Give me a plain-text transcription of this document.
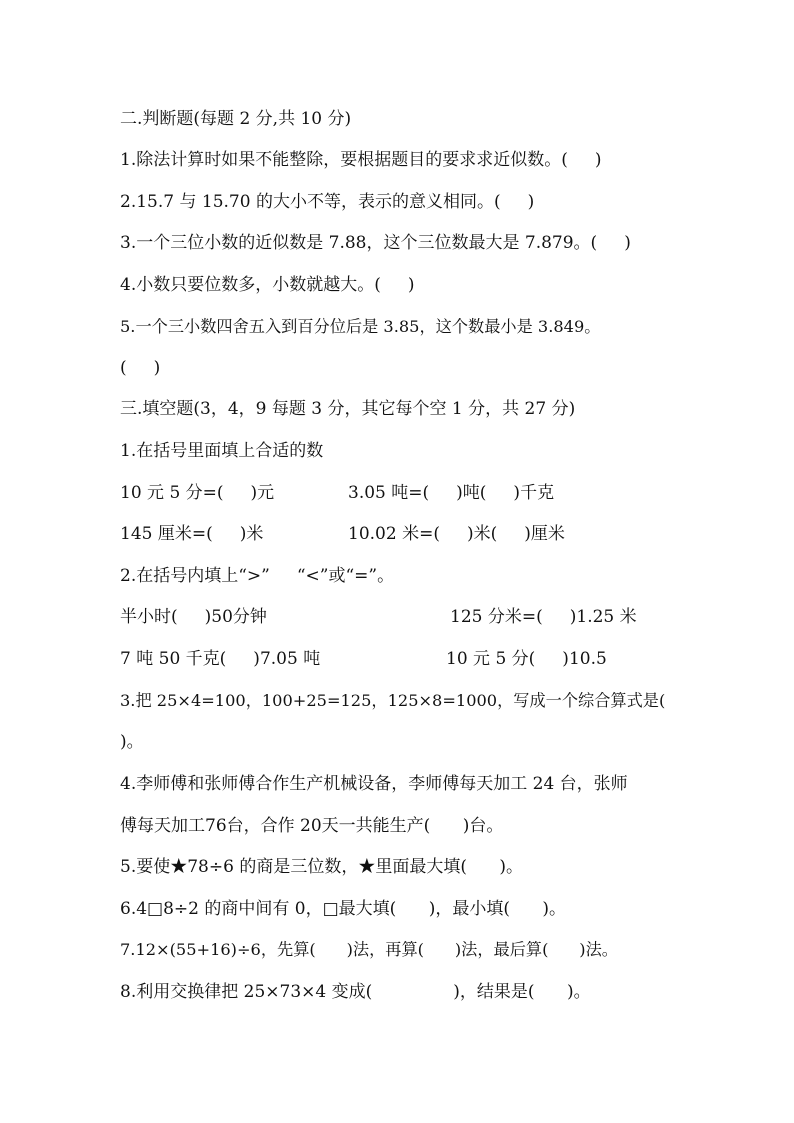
二.判断题(每题 2 分,共 10 分)
1.除法计算时如果不能整除，要根据题目的要求求近似数。(     )
2.15.7 与 15.70 的大小不等，表示的意义相同。(     )
3.一个三位小数的近似数是 7.88，这个三位数最大是 7.879。(     )
4.小数只要位数多，小数就越大。(     )
5.一个三小数四舍五入到百分位后是 3.85，这个数最小是 3.849。
(     )
三.填空题(3，4，9 每题 3 分，其它每个空 1 分，共 27 分)
1.在括号里面填上合适的数
10 元 5 分=(     )元	3.05 吨=(     )吨(     )千克
145 厘米=(     )米	10.02 米=(     )米(     )厘米
2.在括号内填上“>”     “<”或“=”。
半小时(     )50分钟	125 分米=(     )1.25 米
7 吨 50 千克(     )7.05 吨	10 元 5 分(     )10.5
3.把 25×4=100，100+25=125，125×8=1000，写成一个综合算式是(
)。
4.李师傅和张师傅合作生产机械设备，李师傅每天加工 24 台，张师
傅每天加工76台，合作 20天一共能生产(      )台。
5.要使★78÷6 的商是三位数，★里面最大填(      )。
6.4□8÷2 的商中间有 0，□最大填(      )，最小填(      )。
7.12×(55+16)÷6，先算(      )法，再算(      )法，最后算(      )法。
8.利用交换律把 25×73×4 变成(               )，结果是(      )。
